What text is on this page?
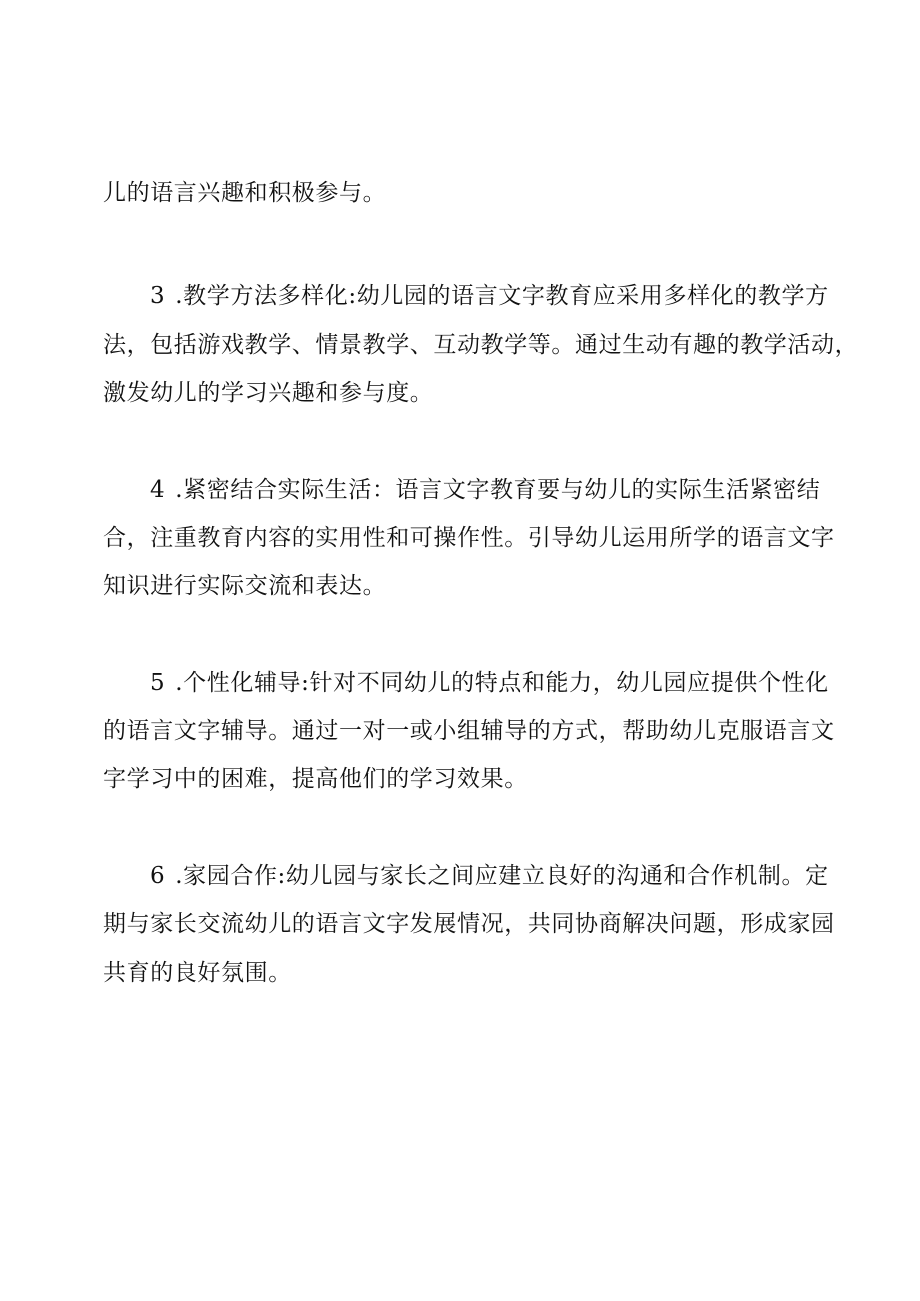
儿的语言兴趣和积极参与。
3 .教学方法多样化:幼儿园的语言文字教育应采用多样化的教学方
法，包括游戏教学、情景教学、互动教学等。通过生动有趣的教学活动，
激发幼儿的学习兴趣和参与度。
4 .紧密结合实际生活：语言文字教育要与幼儿的实际生活紧密结
合，注重教育内容的实用性和可操作性。引导幼儿运用所学的语言文字
知识进行实际交流和表达。
5 .个性化辅导:针对不同幼儿的特点和能力，幼儿园应提供个性化
的语言文字辅导。通过一对一或小组辅导的方式，帮助幼儿克服语言文
字学习中的困难，提高他们的学习效果。
6 .家园合作:幼儿园与家长之间应建立良好的沟通和合作机制。定
期与家长交流幼儿的语言文字发展情况，共同协商解决问题，形成家园
共育的良好氛围。
